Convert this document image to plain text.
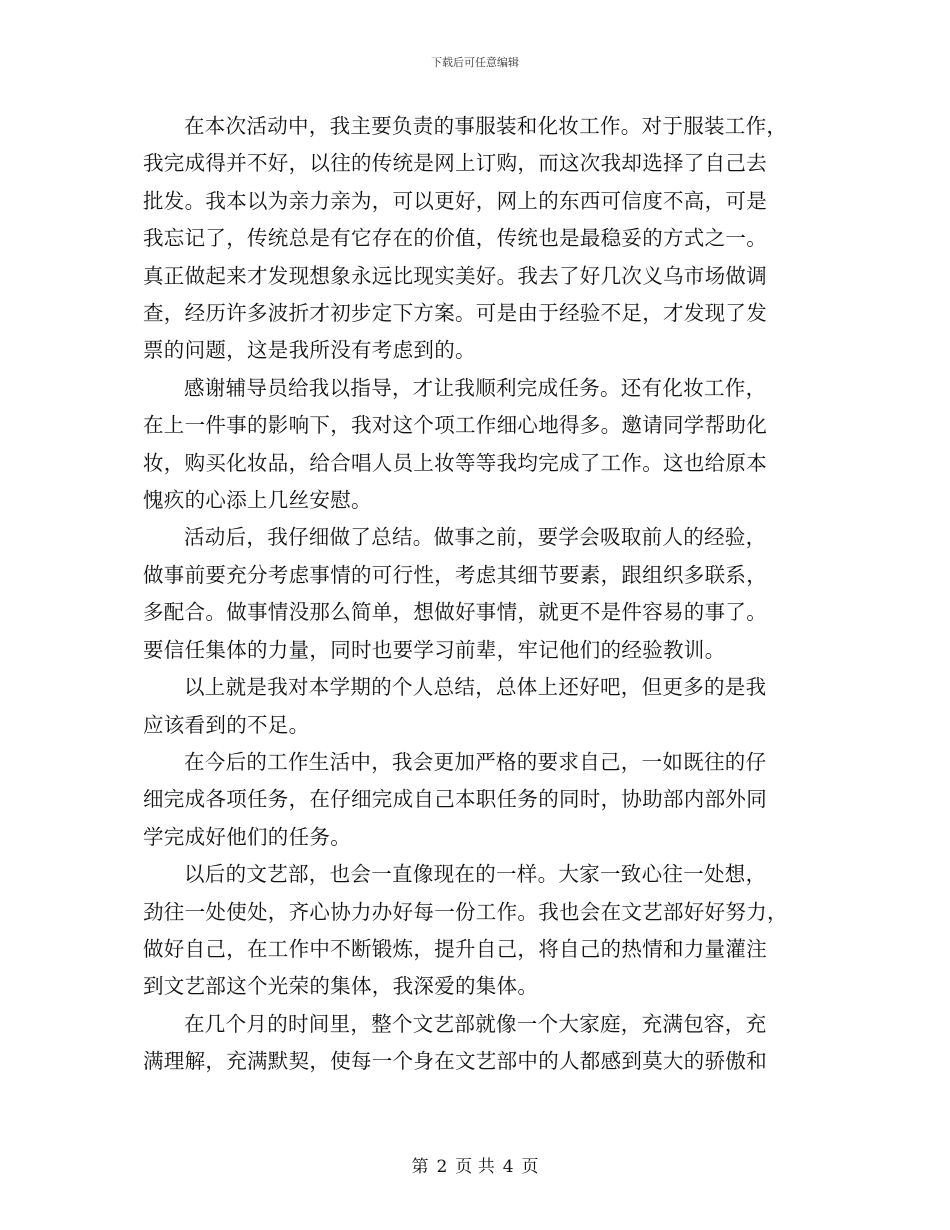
下载后可任意编辑

在本次活动中，我主要负责的事服装和化妆工作。对于服装工作，
我完成得并不好，以往的传统是网上订购，而这次我却选择了自己去
批发。我本以为亲力亲为，可以更好，网上的东西可信度不高，可是
我忘记了，传统总是有它存在的价值，传统也是最稳妥的方式之一。
真正做起来才发现想象永远比现实美好。我去了好几次义乌市场做调
查，经历许多波折才初步定下方案。可是由于经验不足，才发现了发
票的问题，这是我所没有考虑到的。

感谢辅导员给我以指导，才让我顺利完成任务。还有化妆工作，
在上一件事的影响下，我对这个项工作细心地得多。邀请同学帮助化
妆，购买化妆品，给合唱人员上妆等等我均完成了工作。这也给原本
愧疚的心添上几丝安慰。

活动后，我仔细做了总结。做事之前，要学会吸取前人的经验，
做事前要充分考虑事情的可行性，考虑其细节要素，跟组织多联系，
多配合。做事情没那么简单，想做好事情，就更不是件容易的事了。
要信任集体的力量，同时也要学习前辈，牢记他们的经验教训。

以上就是我对本学期的个人总结，总体上还好吧，但更多的是我
应该看到的不足。

在今后的工作生活中，我会更加严格的要求自己，一如既往的仔
细完成各项任务，在仔细完成自己本职任务的同时，协助部内部外同
学完成好他们的任务。

以后的文艺部，也会一直像现在的一样。大家一致心往一处想，
劲往一处使处，齐心协力办好每一份工作。我也会在文艺部好好努力，
做好自己，在工作中不断锻炼，提升自己，将自己的热情和力量灌注
到文艺部这个光荣的集体，我深爱的集体。

在几个月的时间里，整个文艺部就像一个大家庭，充满包容，充
满理解，充满默契，使每一个身在文艺部中的人都感到莫大的骄傲和

第 2 页 共 4 页
